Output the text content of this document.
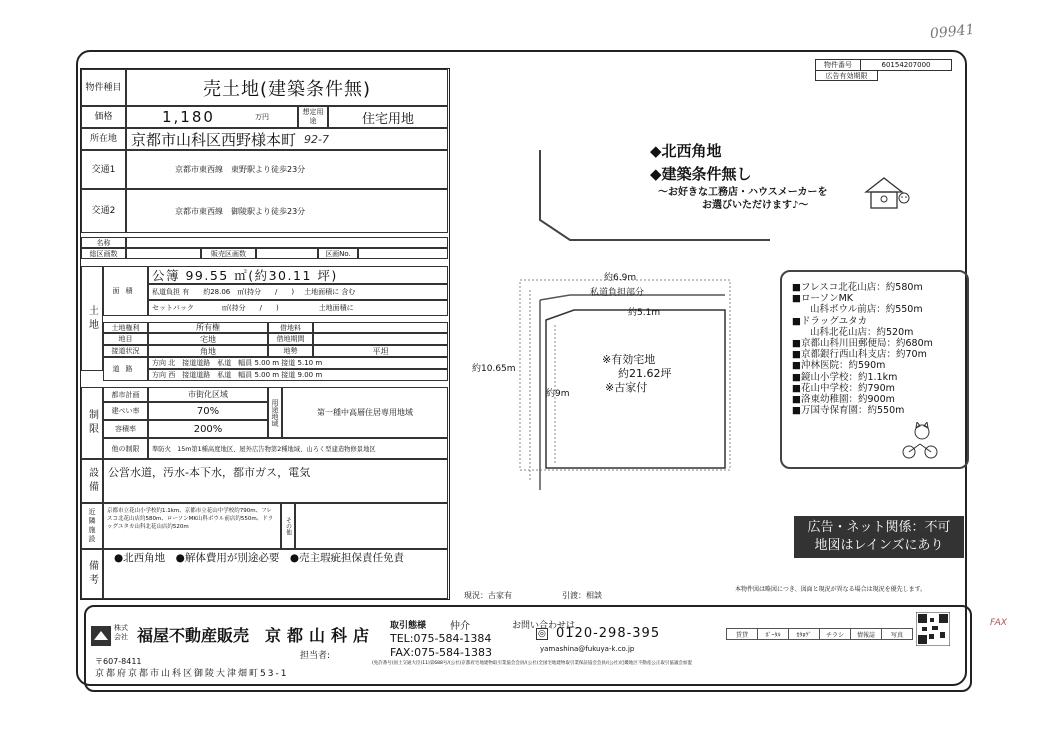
09941
物件番号	60154207000
広告有効期限
物件種目	売土地(建築条件無)
価格	1,180	万円
想定用途	住宅用地
所在地 京都市山科区西野様本町 92-7
交通1	京都市東西線　東野駅より徒歩23分
交通2	京都市東西線　御陵駅より徒歩23分
名称
総区画数	販売区画数	区画No.
土地
面積
公簿 99.55 ㎡(約30.11 坪)
私道負担 有　　約28.06　㎡(持分　　/　　) 土地面積に 含む
セットバック　　　　㎡(持分　　/　　)	土地面積に
土地権利	所有権	借地料
地目	宅地	借地期間
接道状況	角地	地勢	平坦
道路
方向 北　接道道路　私道　幅員 5.00 m 接道 5.10 m
方向 西　接道道路　私道　幅員 5.00 m 接道 9.00 m
制限
都市計画	市街化区域
建ぺい率	70%
容積率	200%
用途地域	第一種中高層住居専用地域
他の制限 準防火　15m第1種高度地区、屋外広告物第2種地域、山ろく型建造物修景地区
設備 公営水道，汚水-本下水，都市ガス，電気
近隣施設	京都市立花山小学校約1.1km、京都市立花山中学校約790m、フレスコ北花山店約580m、ローソンMK山科ボウル前店約550m、ドラッグユタカ山科北花山店約520m	その他
備考
●北西角地　●解体費用が別途必要　●売主瑕疵担保責任免責
◆北西角地
◆建築条件無し
～お好きな工務店・ハウスメーカーを
お選びいただけます♪～
約6.9m
私道負担部分
約5.1m
約10.65m
約9m
※有効宅地
約21.62坪
※古家付
■フレスコ北花山店：約580m
■ローソンMK
山科ボウル前店：約550m
■ドラッグユタカ
山科北花山店：約520m
■京都山科川田郵便局：約680m
■京都銀行西山科支店：約70m
■沖林医院：約590m
■鏡山小学校：約1.1km
■花山中学校：約790m
■洛東幼稚園：約900m
■万国寺保育園：約550m
広告・ネット関係：不可
地図はレインズにあり
現況：古家有	引渡：相談
本物件図は略図につき、図面と現況が異なる場合は現況を優先します。
株式会社 福屋不動産販売 京都山科店 取引態様 仲介	お問い合わせは
TEL:075-584-1384	◎ 0120-298-395
FAX:075-584-1383	yamashina@fukuya-k.co.jp
担当者:
〒607-8411
京都府京都市山科区御陵大津畑町53-1
(免許番号)国土交通大臣(11)第688号/(公社)京都府宅地建物取引業協会会員/(公社)全国宅地建物取引業保証協会会員/(公社)近畿地区不動産公正取引協議会加盟
賃貸	ﾎﾞｰﾀﾙ	ｶﾀﾛｸﾞ	チラシ	情報誌	写真
FAX
